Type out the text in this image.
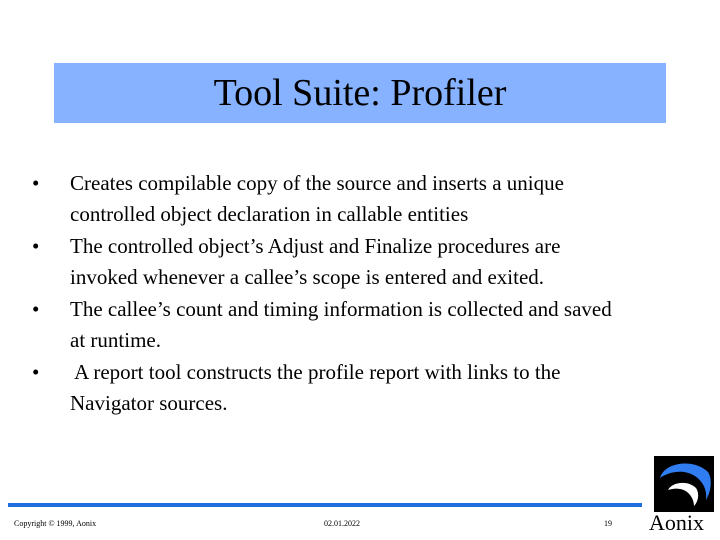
Tool Suite: Profiler
• Creates compilable copy of the source and inserts a unique
controlled object declaration in callable entities
• The controlled object’s Adjust and Finalize procedures are
invoked whenever a callee’s scope is entered and exited.
• The callee’s count and timing information is collected and saved
at runtime.
• A report tool constructs the profile report with links to the
Navigator sources.
Copyright © 1999, Aonix	02.01.2022	19 Aonix
